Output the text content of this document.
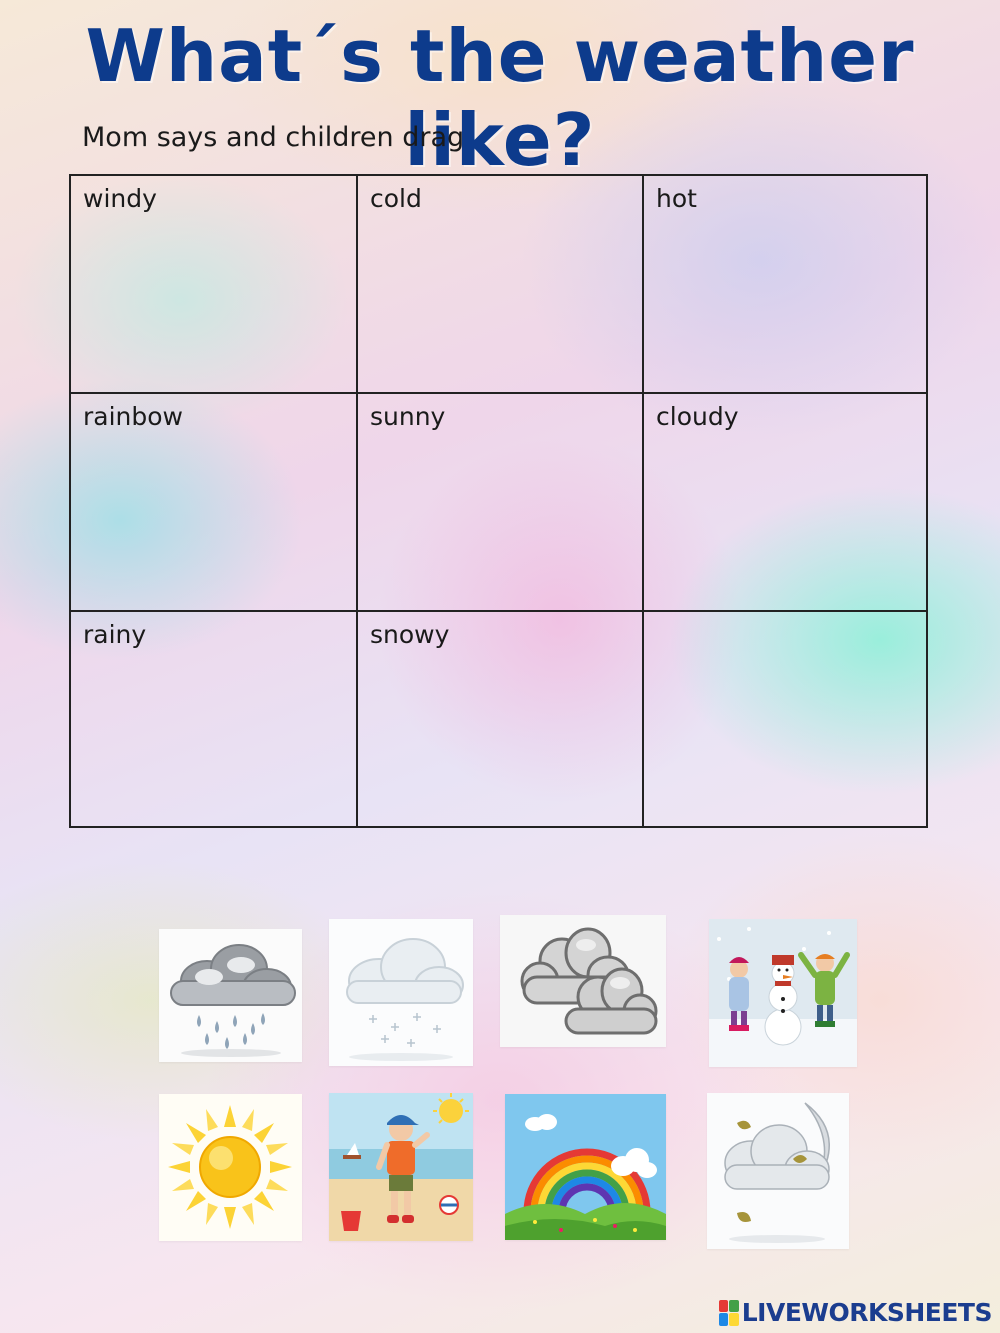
What´s the weather like?

Mom says and children drag

windy	cold	hot
rainbow	sunny	cloudy
rainy	snowy
LIVEWORKSHEETS
